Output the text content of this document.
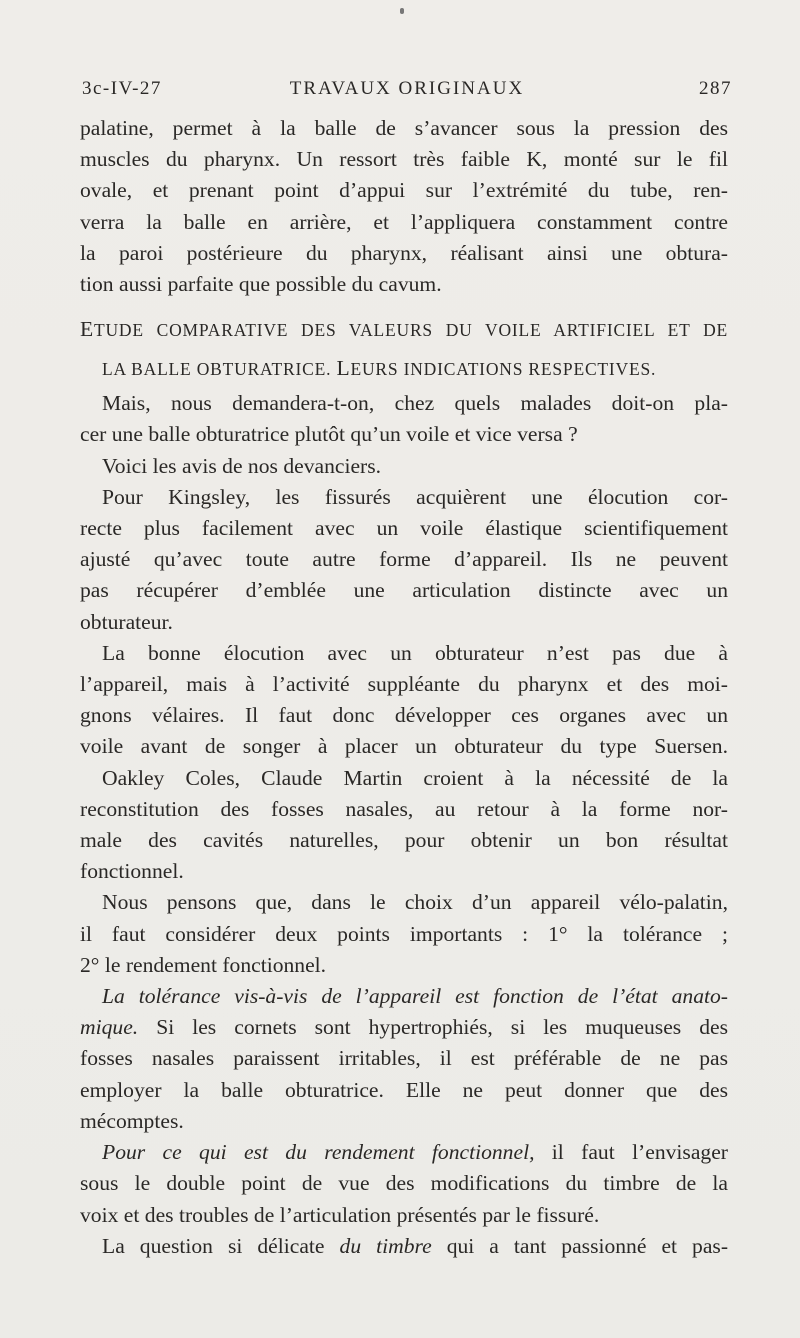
3c-IV-27	TRAVAUX ORIGINAUX	287

palatine, permet à la balle de s’avancer sous la pression des

muscles du pharynx. Un ressort très faible K, monté sur le fil

ovale, et prenant point d’appui sur l’extrémité du tube, ren-

verra la balle en arrière, et l’appliquera constamment contre

la paroi postérieure du pharynx, réalisant ainsi une obtura-

tion aussi parfaite que possible du cavum.

ETUDE COMPARATIVE DES VALEURS DU VOILE ARTIFICIEL ET DE

LA BALLE OBTURATRICE. LEURS INDICATIONS RESPECTIVES.

Mais, nous demandera-t-on, chez quels malades doit-on pla-

cer une balle obturatrice plutôt qu’un voile et vice versa ?

Voici les avis de nos devanciers.

Pour Kingsley, les fissurés acquièrent une élocution cor-

recte plus facilement avec un voile élastique scientifiquement

ajusté qu’avec toute autre forme d’appareil. Ils ne peuvent

pas récupérer d’emblée une articulation distincte avec un

obturateur.

La bonne élocution avec un obturateur n’est pas due à

l’appareil, mais à l’activité suppléante du pharynx et des moi-

gnons vélaires. Il faut donc développer ces organes avec un

voile avant de songer à placer un obturateur du type Suersen.

Oakley Coles, Claude Martin croient à la nécessité de la

reconstitution des fosses nasales, au retour à la forme nor-

male des cavités naturelles, pour obtenir un bon résultat

fonctionnel.

Nous pensons que, dans le choix d’un appareil vélo-palatin,

il faut considérer deux points importants : 1° la tolérance ;

2° le rendement fonctionnel.

La tolérance vis-à-vis de l’appareil est fonction de l’état anato-

mique. Si les cornets sont hypertrophiés, si les muqueuses des

fosses nasales paraissent irritables, il est préférable de ne pas

employer la balle obturatrice. Elle ne peut donner que des

mécomptes.

Pour ce qui est du rendement fonctionnel, il faut l’envisager

sous le double point de vue des modifications du timbre de la

voix et des troubles de l’articulation présentés par le fissuré.

La question si délicate du timbre qui a tant passionné et pas-
